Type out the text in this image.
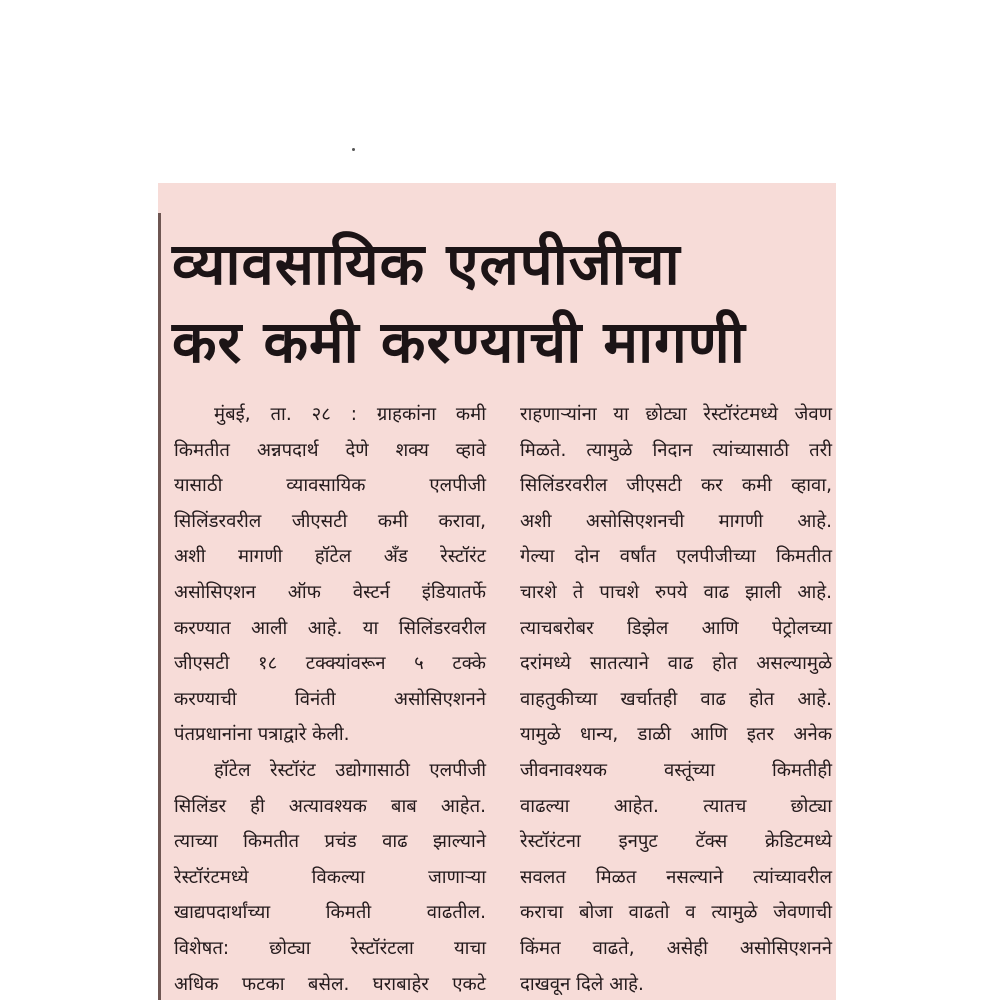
व्यावसायिक एलपीजीचा
कर कमी करण्याची मागणी

मुंबई, ता. २८ : ग्राहकांना कमी

किमतीत अन्नपदार्थ देणे शक्य व्हावे

यासाठी व्यावसायिक एलपीजी

सिलिंडरवरील जीएसटी कमी करावा,

अशी मागणी हॉटेल अँड रेस्टॉरंट

असोसिएशन ऑफ वेस्टर्न इंडियातर्फे

करण्यात आली आहे. या सिलिंडरवरील

जीएसटी १८ टक्क्यांवरून ५ टक्के

करण्याची विनंती असोसिएशनने

पंतप्रधानांना पत्राद्वारे केली.

हॉटेल रेस्टॉरंट उद्योगासाठी एलपीजी

सिलिंडर ही अत्यावश्यक बाब आहेत.

त्याच्या किमतीत प्रचंड वाढ झाल्याने

रेस्टॉरंटमध्ये विकल्या जाणाऱ्या

खाद्यपदार्थांच्या किमती वाढतील.

विशेषत: छोट्या रेस्टॉरंटला याचा

अधिक फटका बसेल. घराबाहेर एकटे

राहणाऱ्यांना या छोट्या रेस्टॉरंटमध्ये जेवण

मिळते. त्यामुळे निदान त्यांच्यासाठी तरी

सिलिंडरवरील जीएसटी कर कमी व्हावा,

अशी असोसिएशनची मागणी आहे.

गेल्या दोन वर्षांत एलपीजीच्या किमतीत

चारशे ते पाचशे रुपये वाढ झाली आहे.

त्याचबरोबर डिझेल आणि पेट्रोलच्या

दरांमध्ये सातत्याने वाढ होत असल्यामुळे

वाहतुकीच्या खर्चातही वाढ होत आहे.

यामुळे धान्य, डाळी आणि इतर अनेक

जीवनावश्यक वस्तूंच्या किमतीही

वाढल्या आहेत. त्यातच छोट्या

रेस्टॉरंटना इनपुट टॅक्स क्रेडिटमध्ये

सवलत मिळत नसल्याने त्यांच्यावरील

कराचा बोजा वाढतो व त्यामुळे जेवणाची

किंमत वाढते, असेही असोसिएशनने

दाखवून दिले आहे.
